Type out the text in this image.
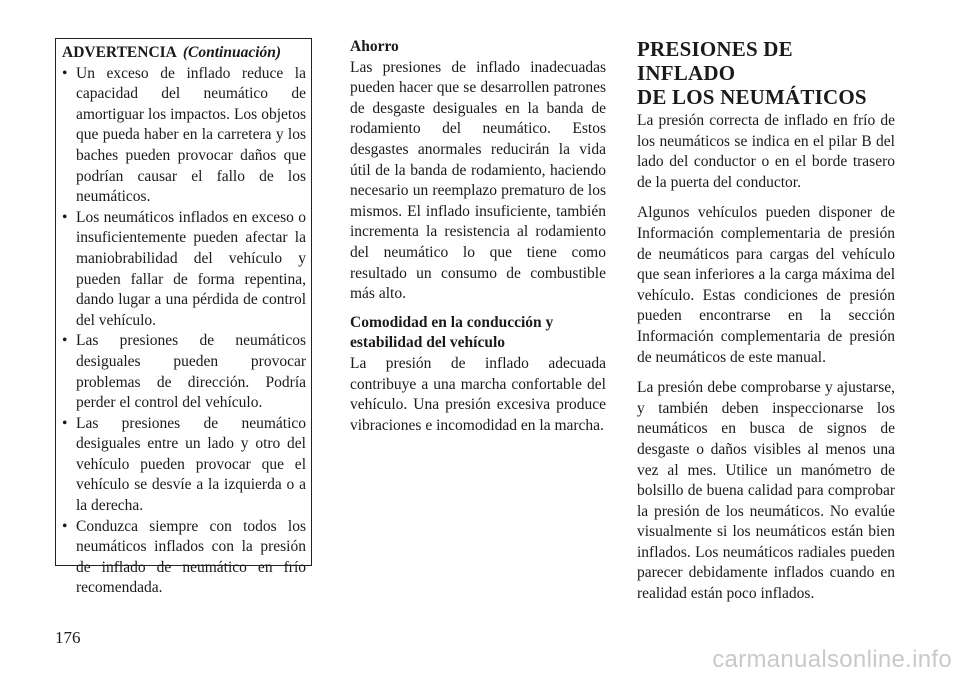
ADVERTENCIA (Continuación)

• Un exceso de inflado reduce la capacidad del neumático de amortiguar los impactos. Los objetos que pueda haber en la carretera y los baches pueden provocar daños que podrían causar el fallo de los neumáticos.
• Los neumáticos inflados en exceso o insuficientemente pueden afectar la maniobrabilidad del vehículo y pueden fallar de forma repentina, dando lugar a una pérdida de control del vehículo.
• Las presiones de neumáticos desiguales pueden provocar problemas de dirección. Podría perder el control del vehículo.
• Las presiones de neumático desiguales entre un lado y otro del vehículo pueden provocar que el vehículo se desvíe a la izquierda o a la derecha.
• Conduzca siempre con todos los neumáticos inflados con la presión de inflado de neumático en frío recomendada.
Ahorro

Las presiones de inflado inadecuadas pueden hacer que se desarrollen patrones de desgaste desiguales en la banda de rodamiento del neumático. Estos desgastes anormales reducirán la vida útil de la banda de rodamiento, haciendo necesario un reemplazo prematuro de los mismos. El inflado insuficiente, también incrementa la resistencia al rodamiento del neumático lo que tiene como resultado un consumo de combustible más alto.

Comodidad en la conducción y
estabilidad del vehículo

La presión de inflado adecuada contribuye a una marcha confortable del vehículo. Una presión excesiva produce vibraciones e incomodidad en la marcha.

PRESIONES DE INFLADO
DE LOS NEUMÁTICOS

La presión correcta de inflado en frío de los neumáticos se indica en el pilar B del lado del conductor o en el borde trasero de la puerta del conductor.

Algunos vehículos pueden disponer de Información complementaria de presión de neumáticos para cargas del vehículo que sean inferiores a la carga máxima del vehículo. Estas condiciones de presión pueden encontrarse en la sección Información complementaria de presión de neumáticos de este manual.

La presión debe comprobarse y ajustarse, y también deben inspeccionarse los neumáticos en busca de signos de desgaste o daños visibles al menos una vez al mes. Utilice un manómetro de bolsillo de buena calidad para comprobar la presión de los neumáticos. No evalúe visualmente si los neumáticos están bien inflados. Los neumáticos radiales pueden parecer debidamente inflados cuando en realidad están poco inflados.

176
carmanualsonline.info
